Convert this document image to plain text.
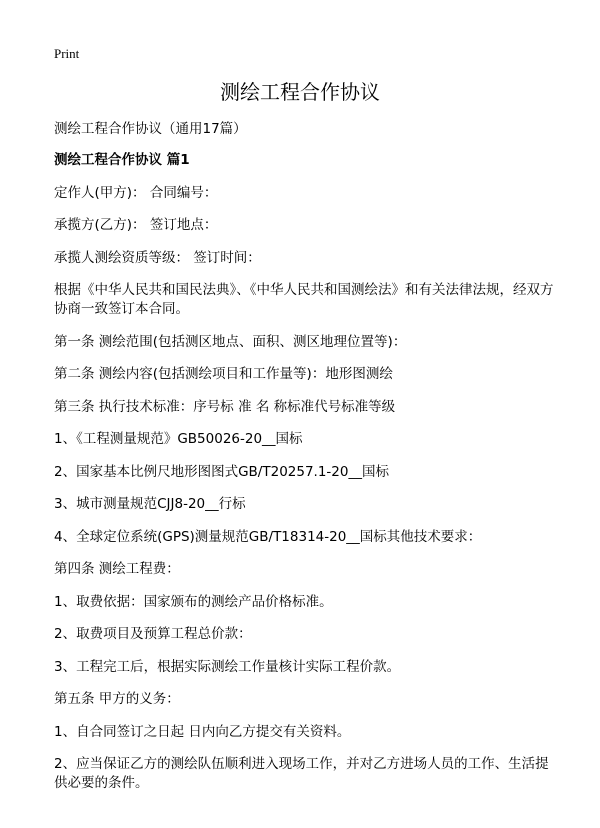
Print
测绘工程合作协议

测绘工程合作协议（通用17篇）

测绘工程合作协议 篇1

定作人(甲方)： 合同编号：

承揽方(乙方)： 签订地点：

承揽人测绘资质等级： 签订时间：

根据《中华人民共和国民法典》、《中华人民共和国测绘法》和有关法律法规，经双方协商一致签订本合同。

第一条 测绘范围(包括测区地点、面积、测区地理位置等)：

第二条 测绘内容(包括测绘项目和工作量等)：地形图测绘

第三条 执行技术标准：序号标 准 名 称标准代号标准等级

1、《工程测量规范》GB50026-20__国标

2、国家基本比例尺地形图图式GB/T20257.1-20__国标

3、城市测量规范CJJ8-20__行标

4、全球定位系统(GPS)测量规范GB/T18314-20__国标其他技术要求：

第四条 测绘工程费：

1、取费依据：国家颁布的测绘产品价格标准。

2、取费项目及预算工程总价款：

3、工程完工后，根据实际测绘工作量核计实际工程价款。

第五条 甲方的义务：

1、自合同签订之日起 日内向乙方提交有关资料。

2、应当保证乙方的测绘队伍顺利进入现场工作，并对乙方进场人员的工作、生活提供必要的条件。
